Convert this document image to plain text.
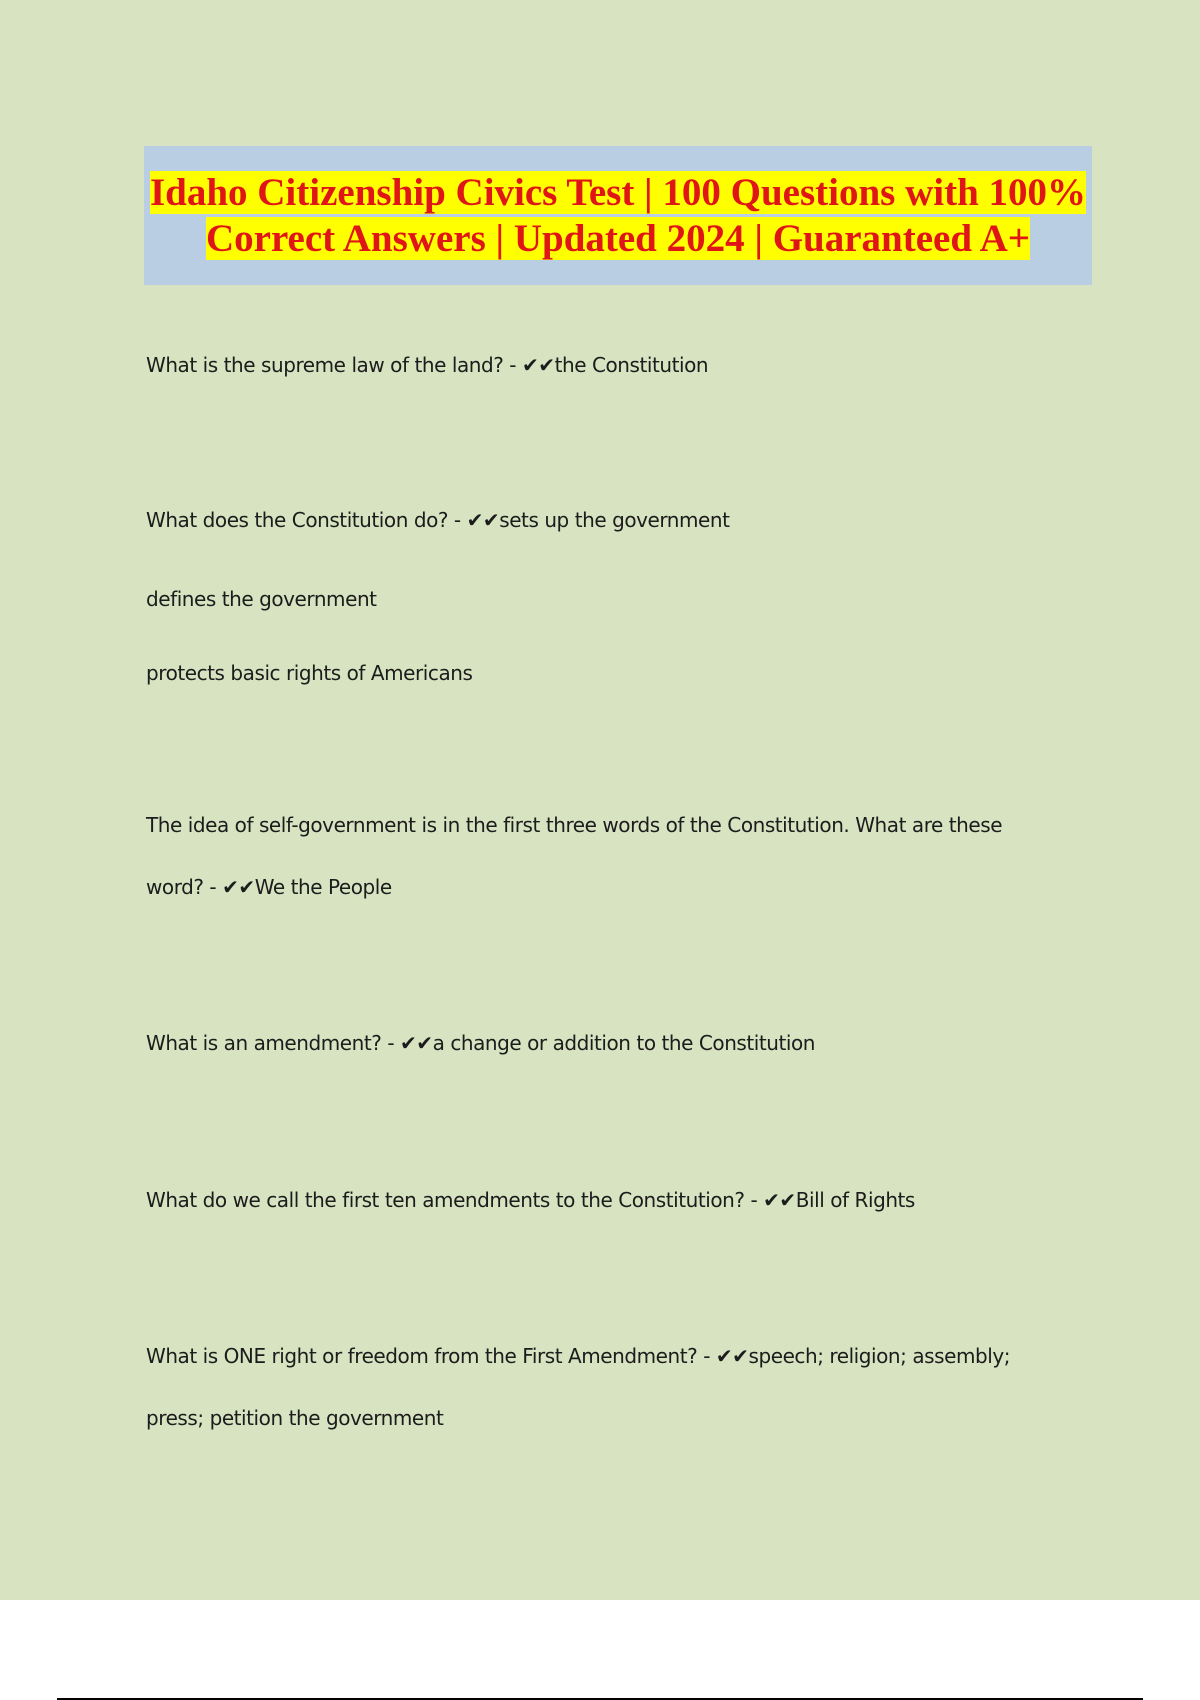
Idaho Citizenship Civics Test | 100 Questions with 100% Correct Answers | Updated 2024 | Guaranteed A+

What is the supreme law of the land? - ✔✔the Constitution

What does the Constitution do? - ✔✔sets up the government

defines the government

protects basic rights of Americans

The idea of self-government is in the first three words of the Constitution. What are these

word? - ✔✔We the People

What is an amendment? - ✔✔a change or addition to the Constitution

What do we call the first ten amendments to the Constitution? - ✔✔Bill of Rights

What is ONE right or freedom from the First Amendment? - ✔✔speech; religion; assembly;

press; petition the government
